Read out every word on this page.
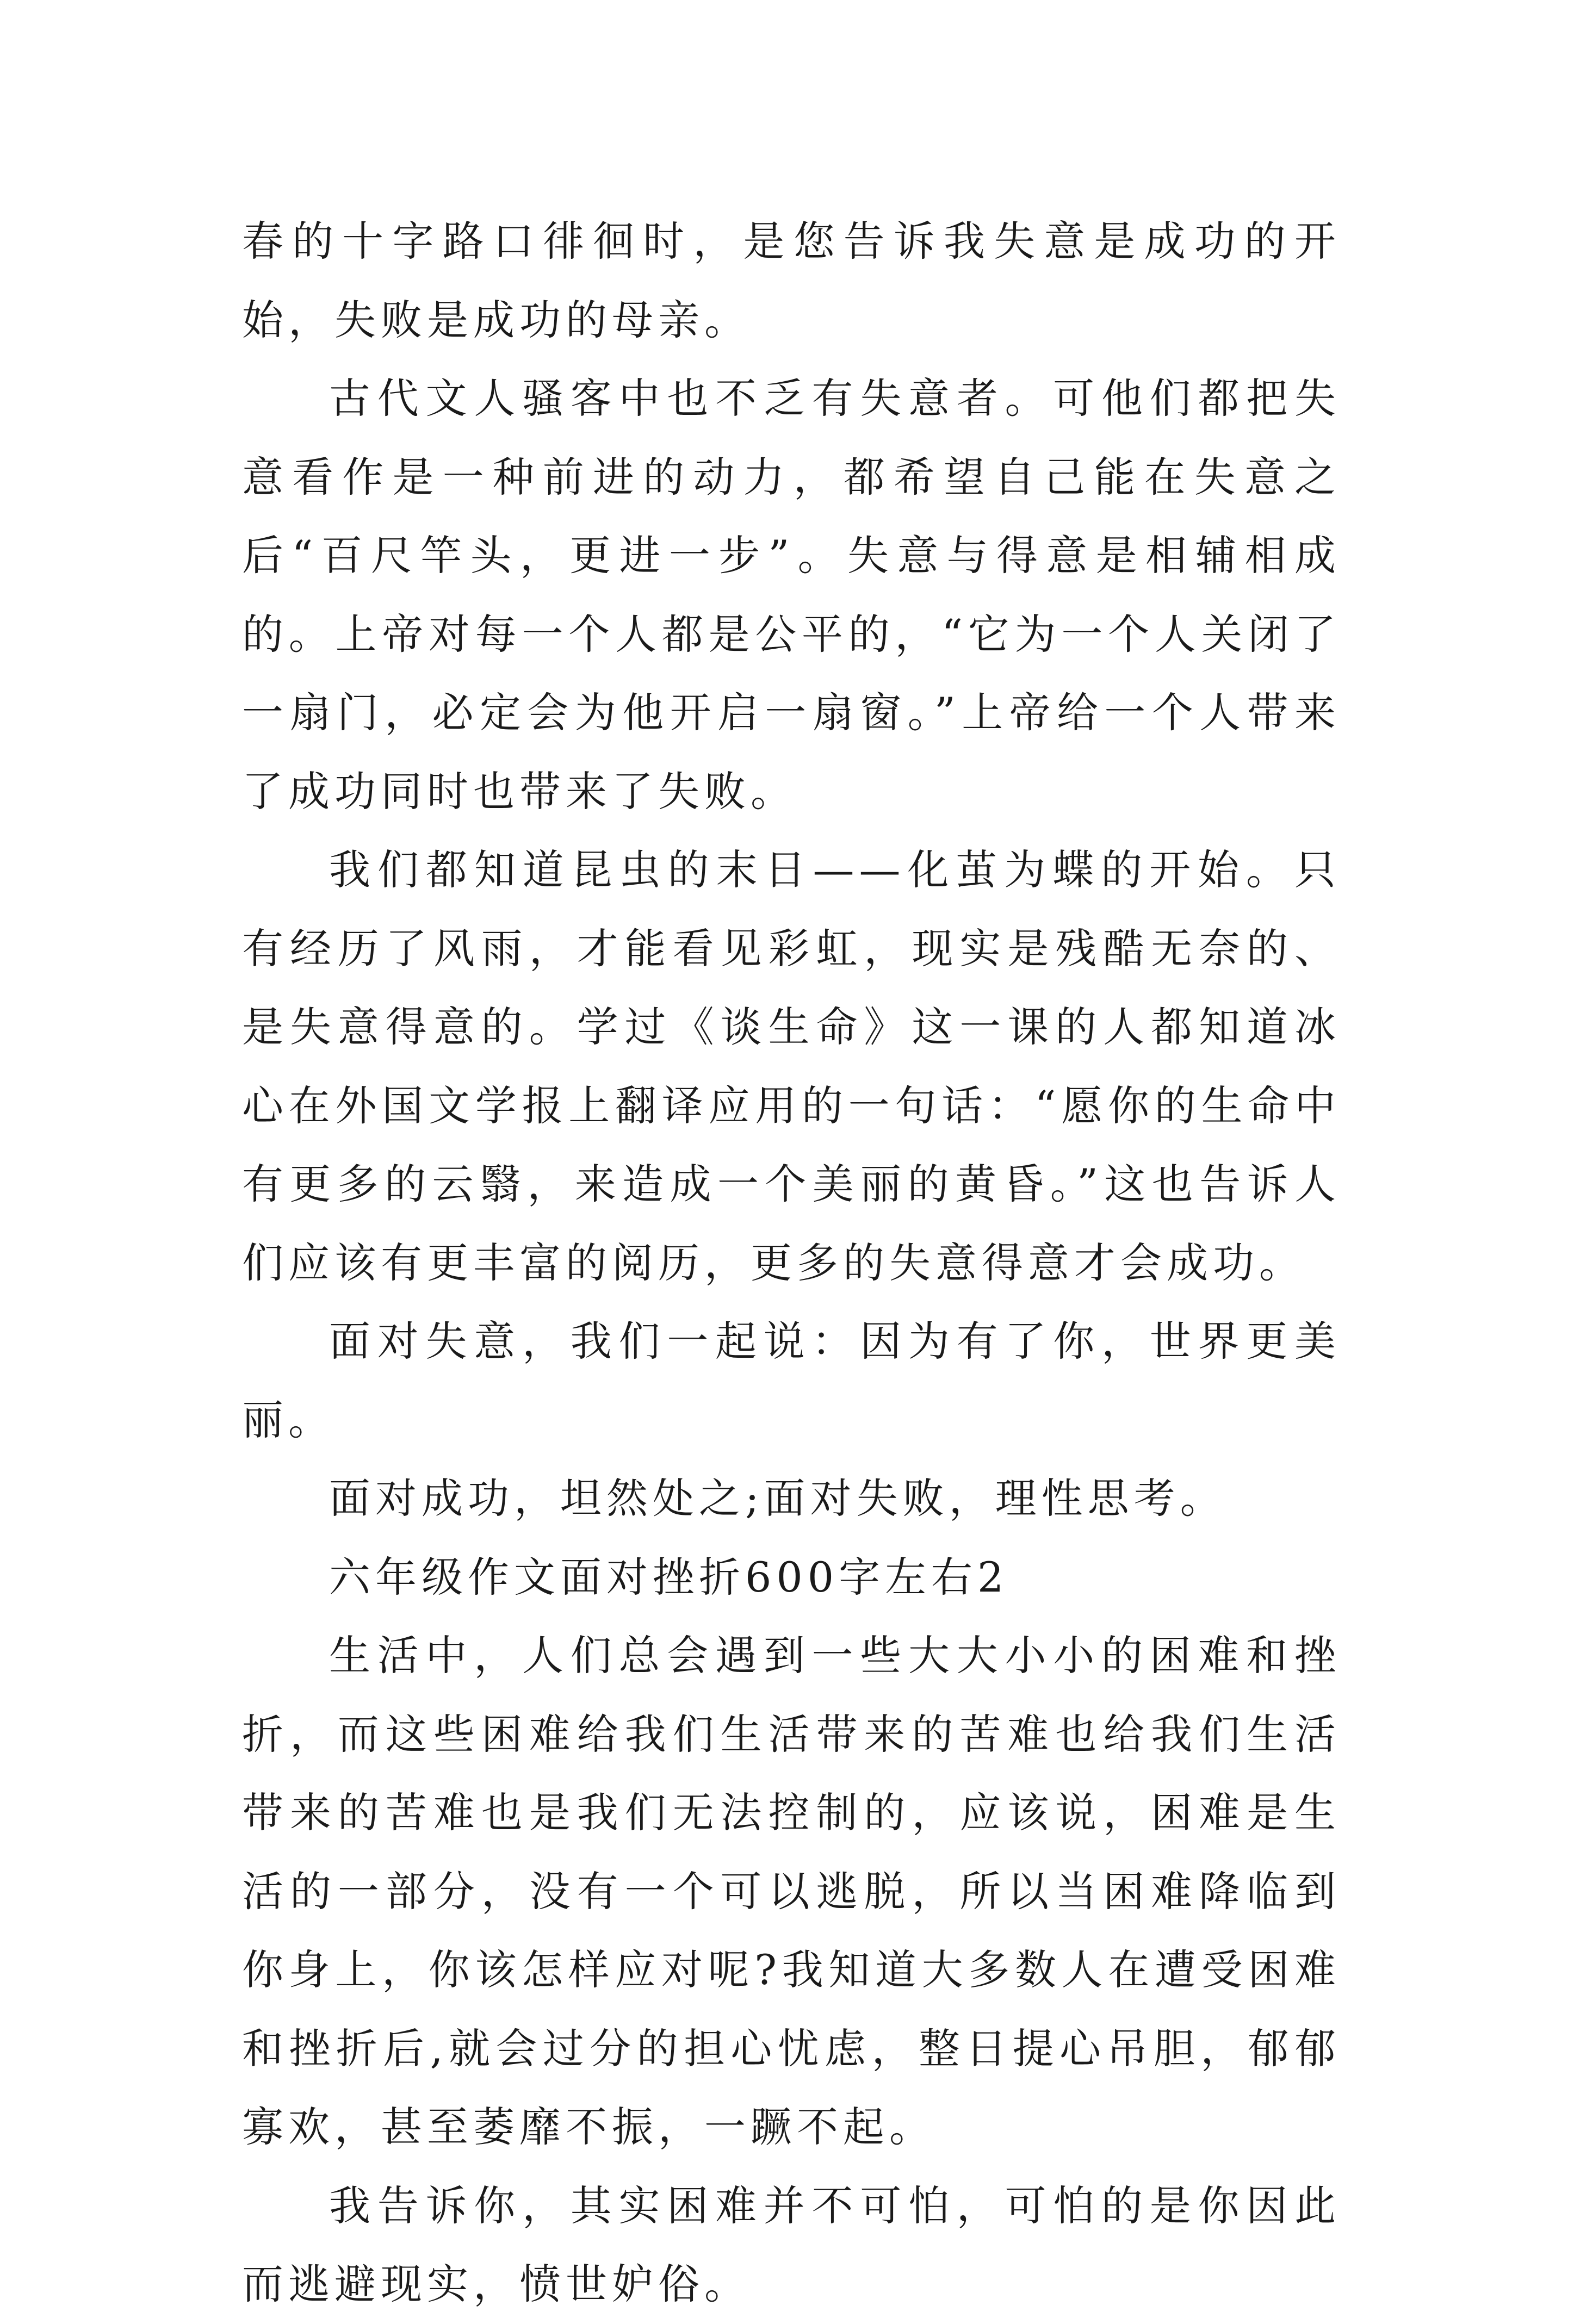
春的十字路口徘徊时，是您告诉我失意是成功的开始，失败是成功的母亲。

古代文人骚客中也不乏有失意者。可他们都把失意看作是一种前进的动力，都希望自己能在失意之后“百尺竿头，更进一步”。失意与得意是相辅相成的。上帝对每一个人都是公平的，“它为一个人关闭了一扇门，必定会为他开启一扇窗。”上帝给一个人带来了成功同时也带来了失败。

我们都知道昆虫的末日——化茧为蝶的开始。只有经历了风雨，才能看见彩虹，现实是残酷无奈的、是失意得意的。学过《谈生命》这一课的人都知道冰心在外国文学报上翻译应用的一句话：“愿你的生命中有更多的云翳，来造成一个美丽的黄昏。”这也告诉人们应该有更丰富的阅历，更多的失意得意才会成功。

面对失意，我们一起说：因为有了你，世界更美丽。

面对成功，坦然处之;面对失败，理性思考。

六年级作文面对挫折600字左右2

生活中，人们总会遇到一些大大小小的困难和挫折，而这些困难给我们生活带来的苦难也给我们生活带来的苦难也是我们无法控制的，应该说，困难是生活的一部分，没有一个可以逃脱，所以当困难降临到你身上，你该怎样应对呢?我知道大多数人在遭受困难和挫折后,就会过分的担心忧虑，整日提心吊胆，郁郁寡欢，甚至萎靡不振，一蹶不起。

我告诉你，其实困难并不可怕，可怕的是你因此而逃避现实，愤世妒俗。
